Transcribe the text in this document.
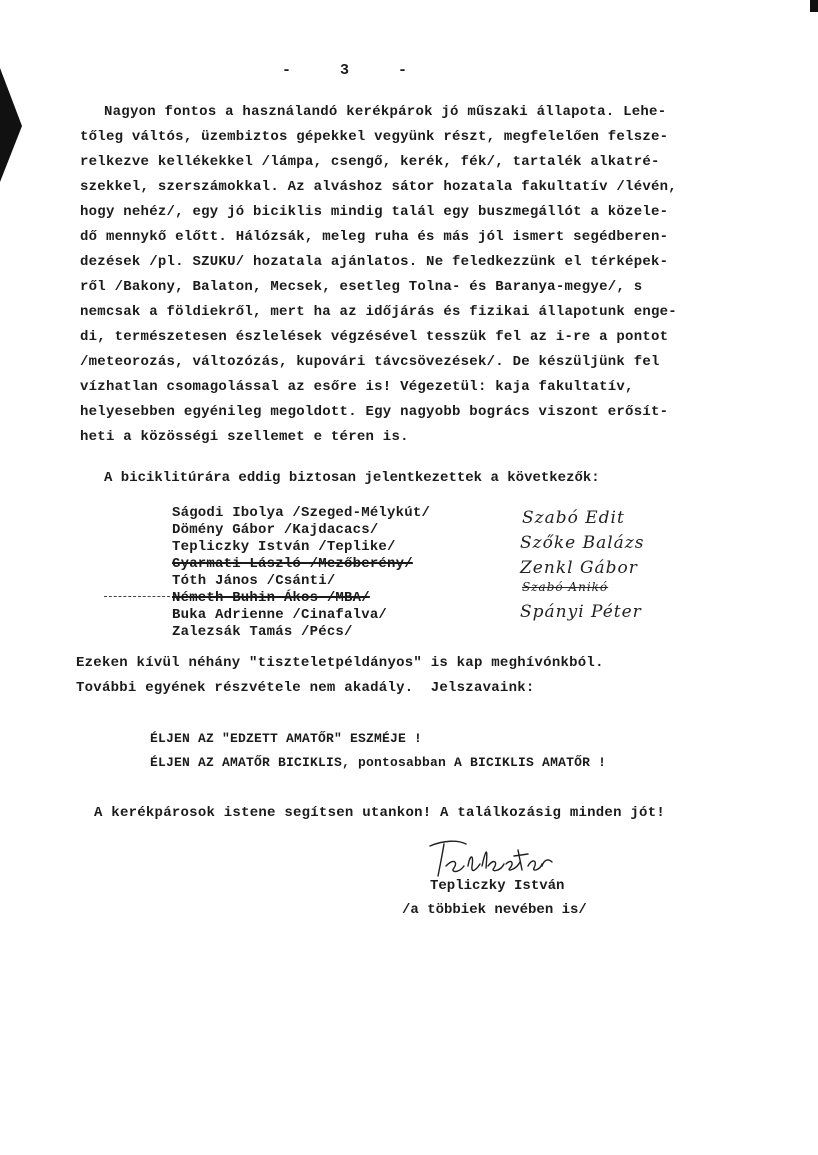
- 3 -
Nagyon fontos a használandó kerékpárok jó műszaki állapota. Lehe-
tőleg váltós, üzembiztos gépekkel vegyünk részt, megfelelően felsze-
relkezve kellékekkel /lámpa, csengő, kerék, fék/, tartalék alkatré-
szekkel, szerszámokkal. Az alváshoz sátor hozatala fakultatív /lévén,
hogy nehéz/, egy jó biciklis mindig talál egy buszmegállót a közele-
dő mennykő előtt. Hálózsák, meleg ruha és más jól ismert segédberen-
dezések /pl. SZUKU/ hozatala ajánlatos. Ne feledkezzünk el térképek-
ről /Bakony, Balaton, Mecsek, esetleg Tolna- és Baranya-megye/, s
nemcsak a földiekről, mert ha az időjárás és fizikai állapotunk enge-
di, természetesen észlelések végzésével tesszük fel az i-re a pontot
/meteorozás, változózás, kupovári távcsövezések/. De készüljünk fel
vízhatlan csomagolással az esőre is! Végezetül: kaja fakultatív,
helyesebben egyénileg megoldott. Egy nagyobb bogrács viszont erősít-
heti a közösségi szellemet e téren is.
A biciklitúrára eddig biztosan jelentkezettek a következők:
Ságodi Ibolya /Szeged-Mélykút/
Dömény Gábor /Kajdacacs/
Tepliczky István /Teplike/
Gyarmati László /Mezőberény/
Tóth János /Csánti/
Németh Buhin Ákos /MBA/
Buka Adrienne /Cinafalva/
Zalezsák Tamás /Pécs/
Szabó Edit
Szőke Balázs
Zenkl Gábor
Szabó Anikó
Spányi Péter
Ezeken kívül néhány "tiszteletpéldányos" is kap meghívónkból.
További egyének részvétele nem akadály.  Jelszavaink:
ÉLJEN AZ "EDZETT AMATŐR" ESZMÉJE !
ÉLJEN AZ AMATŐR BICIKLIS, pontosabban A BICIKLIS AMATŐR !
A kerékpárosok istene segítsen utankon! A találkozásig minden jót!
Tepliczky István
/a többiek nevében is/
